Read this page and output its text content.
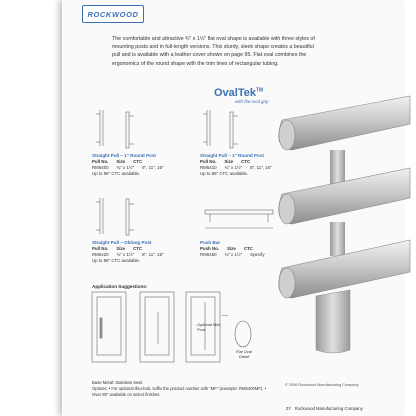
ROCKWOOD

The comfortable and attractive ¾" x 1½" flat oval shape is available with three styles of mounting posts and in full-length versions. This sturdy, sleek shape creates a beautiful pull and is available with a leather cover shown on page 95. Flat oval combines the ergonomics of the round shape with the trim lines of rectangular tubing.

OvalTek™
with flat oval grip
Straight Pull – 1" Round Post
Pull No. Size CTC
RM6400 ¾" x 1½" 8", 11", 16"
Up to 96" CTC available.
Straight Pull – 1" Round Post
Pull No. Size CTC
RM6410 ¾" x 1½" 8", 11", 16"
Up to 96" CTC available.
Straight Pull – Oblong Post
Pull No. Size CTC
RM6420 ¾" x 1½" 8", 11", 16"
Up to 96" CTC available.
Push Bar
Push No. Size CTC
RM6450 ¾" x 1½" Specify
Application Suggestions:
Optional Mid-Post
Flat Oval Detail
Base Metal: Stainless steel.
Options: • For optional thru-bolt, suffix the product number with "MF" (example: RM6400MF). • Over 80" available on select finishes.
© 2006 Rockwood Manufacturing Company
27 Rockwood Manufacturing Company
